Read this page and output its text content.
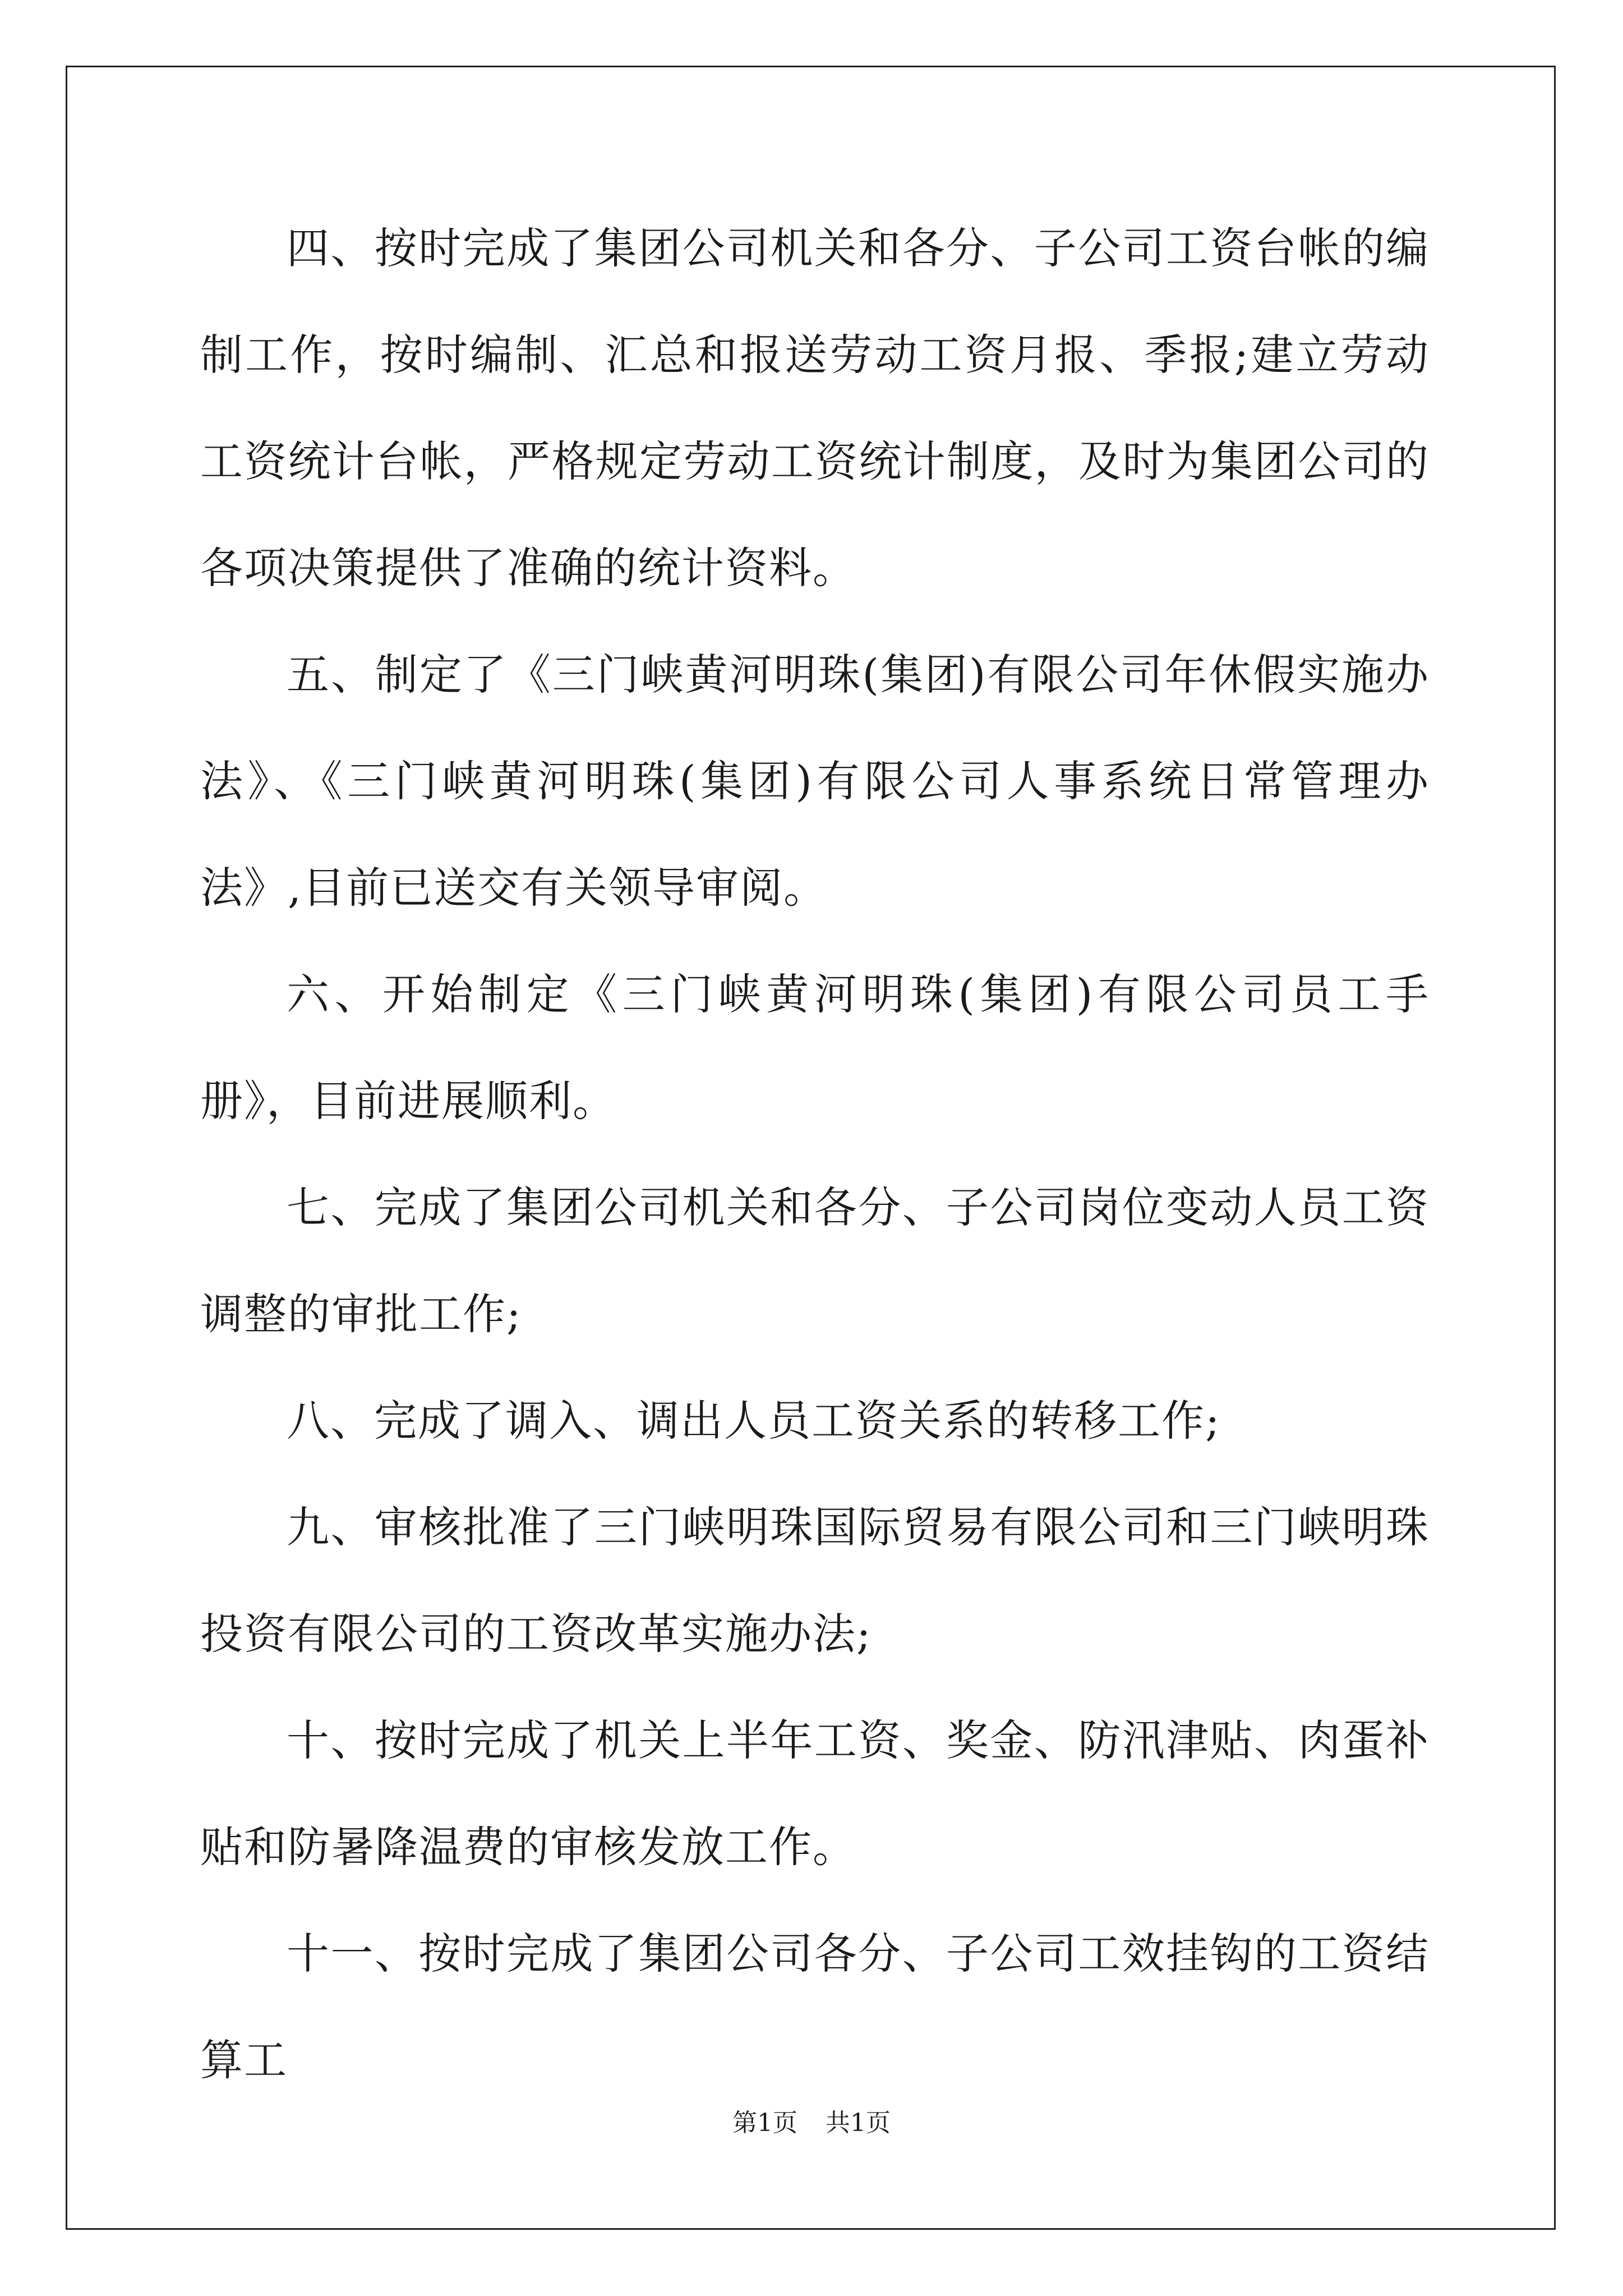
四、按时完成了集团公司机关和各分、子公司工资台帐的编制工作，按时编制、汇总和报送劳动工资月报、季报;建立劳动工资统计台帐，严格规定劳动工资统计制度，及时为集团公司的各项决策提供了准确的统计资料。

五、制定了《三门峡黄河明珠(集团)有限公司年休假实施办法》、《三门峡黄河明珠(集团)有限公司人事系统日常管理办法》,目前已送交有关领导审阅。

六、开始制定《三门峡黄河明珠(集团)有限公司员工手册》，目前进展顺利。

七、完成了集团公司机关和各分、子公司岗位变动人员工资调整的审批工作;

八、完成了调入、调出人员工资关系的转移工作;

九、审核批准了三门峡明珠国际贸易有限公司和三门峡明珠投资有限公司的工资改革实施办法;

十、按时完成了机关上半年工资、奖金、防汛津贴、肉蛋补贴和防暑降温费的审核发放工作。

十一、按时完成了集团公司各分、子公司工效挂钩的工资结算工

第1页 共1页
